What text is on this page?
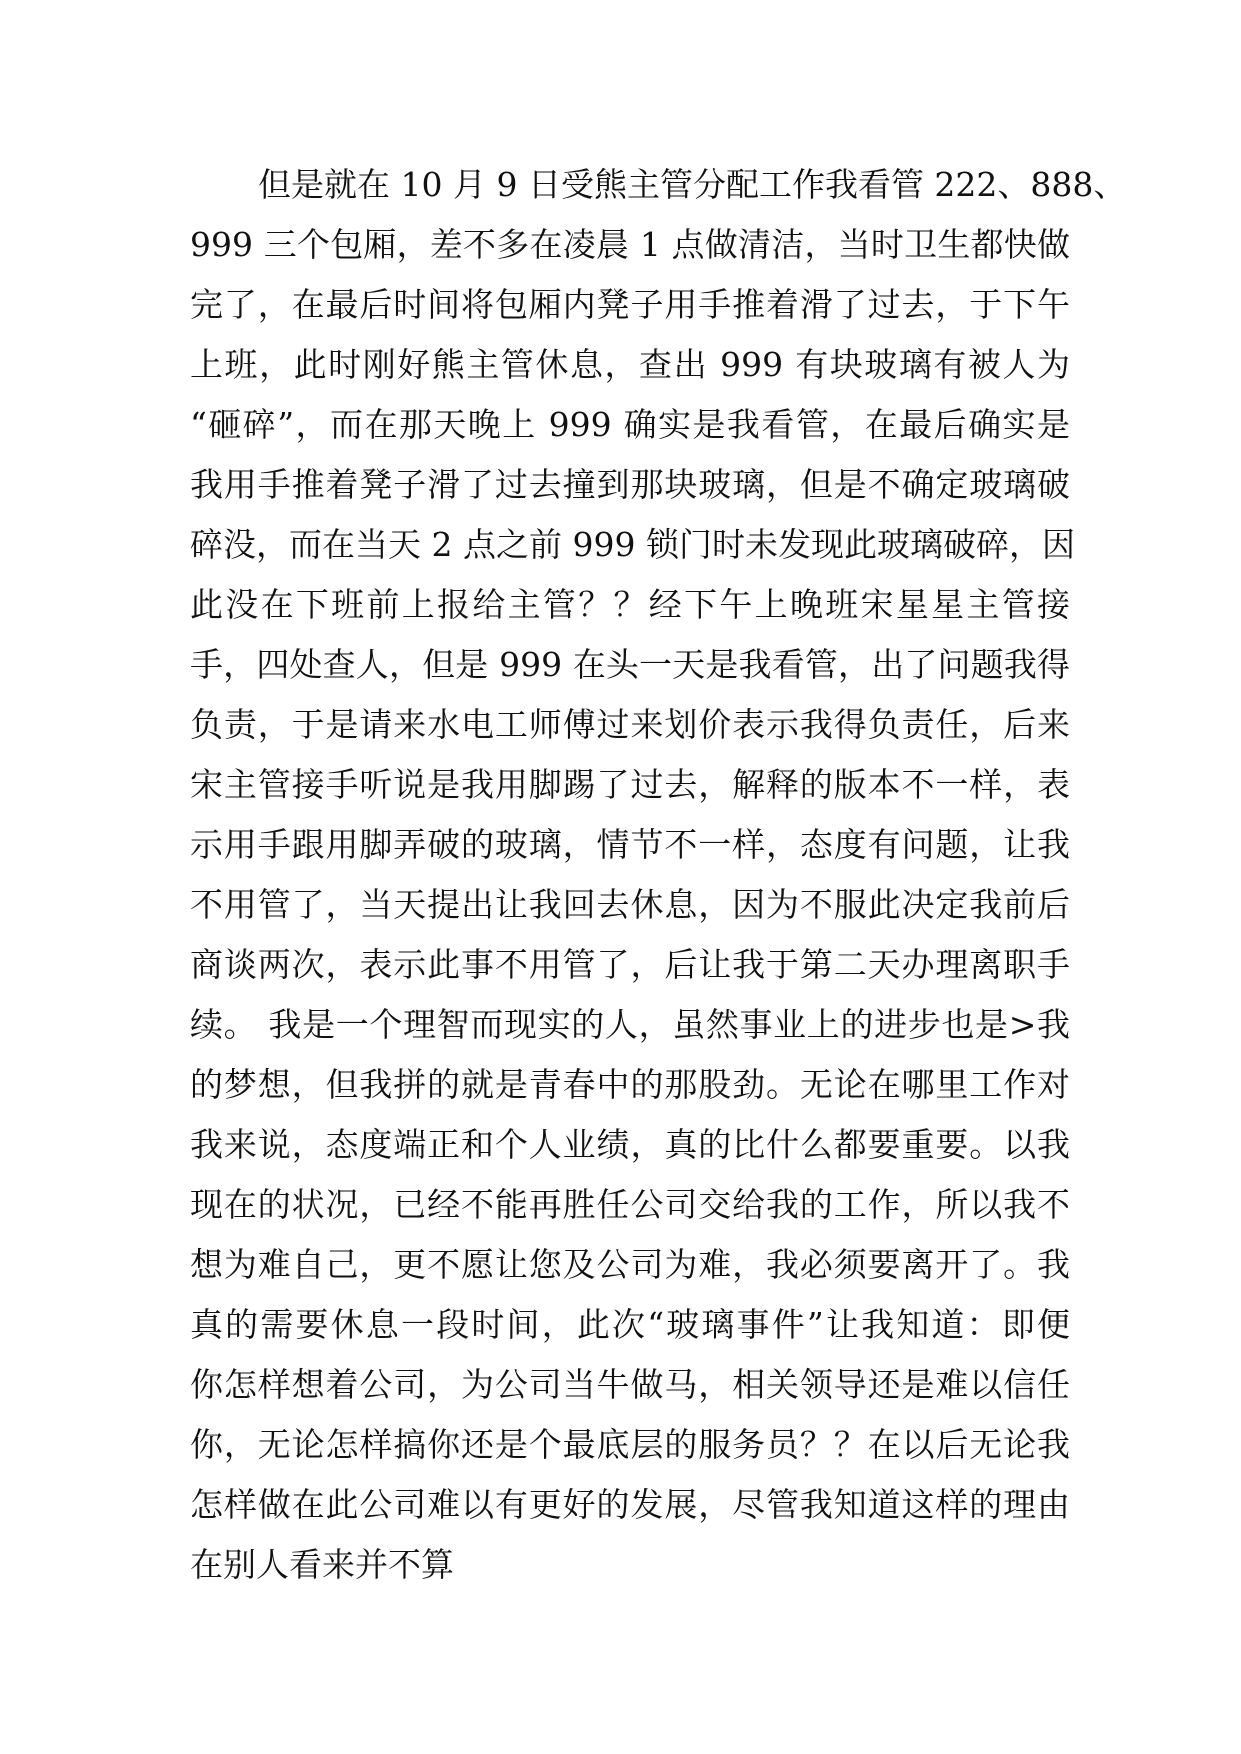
但是就在 10 月 9 日受熊主管分配工作我看管 222、888、
999 三个包厢，差不多在凌晨 1 点做清洁，当时卫生都快做
完了，在最后时间将包厢内凳子用手推着滑了过去，于下午
上班，此时刚好熊主管休息，查出 999 有块玻璃有被人为
“砸碎”，而在那天晚上 999 确实是我看管，在最后确实是
我用手推着凳子滑了过去撞到那块玻璃，但是不确定玻璃破
碎没，而在当天 2 点之前 999 锁门时未发现此玻璃破碎，因
此没在下班前上报给主管？？经下午上晚班宋星星主管接
手，四处查人，但是 999 在头一天是我看管，出了问题我得
负责，于是请来水电工师傅过来划价表示我得负责任，后来
宋主管接手听说是我用脚踢了过去，解释的版本不一样，表
示用手跟用脚弄破的玻璃，情节不一样，态度有问题，让我
不用管了，当天提出让我回去休息，因为不服此决定我前后
商谈两次，表示此事不用管了，后让我于第二天办理离职手
续。 我是一个理智而现实的人，虽然事业上的进步也是>我
的梦想，但我拼的就是青春中的那股劲。无论在哪里工作对
我来说，态度端正和个人业绩，真的比什么都要重要。以我
现在的状况，已经不能再胜任公司交给我的工作，所以我不
想为难自己，更不愿让您及公司为难，我必须要离开了。我
真的需要休息一段时间，此次“玻璃事件”让我知道：即便
你怎样想着公司，为公司当牛做马，相关领导还是难以信任
你，无论怎样搞你还是个最底层的服务员？？在以后无论我
怎样做在此公司难以有更好的发展，尽管我知道这样的理由
在别人看来并不算
